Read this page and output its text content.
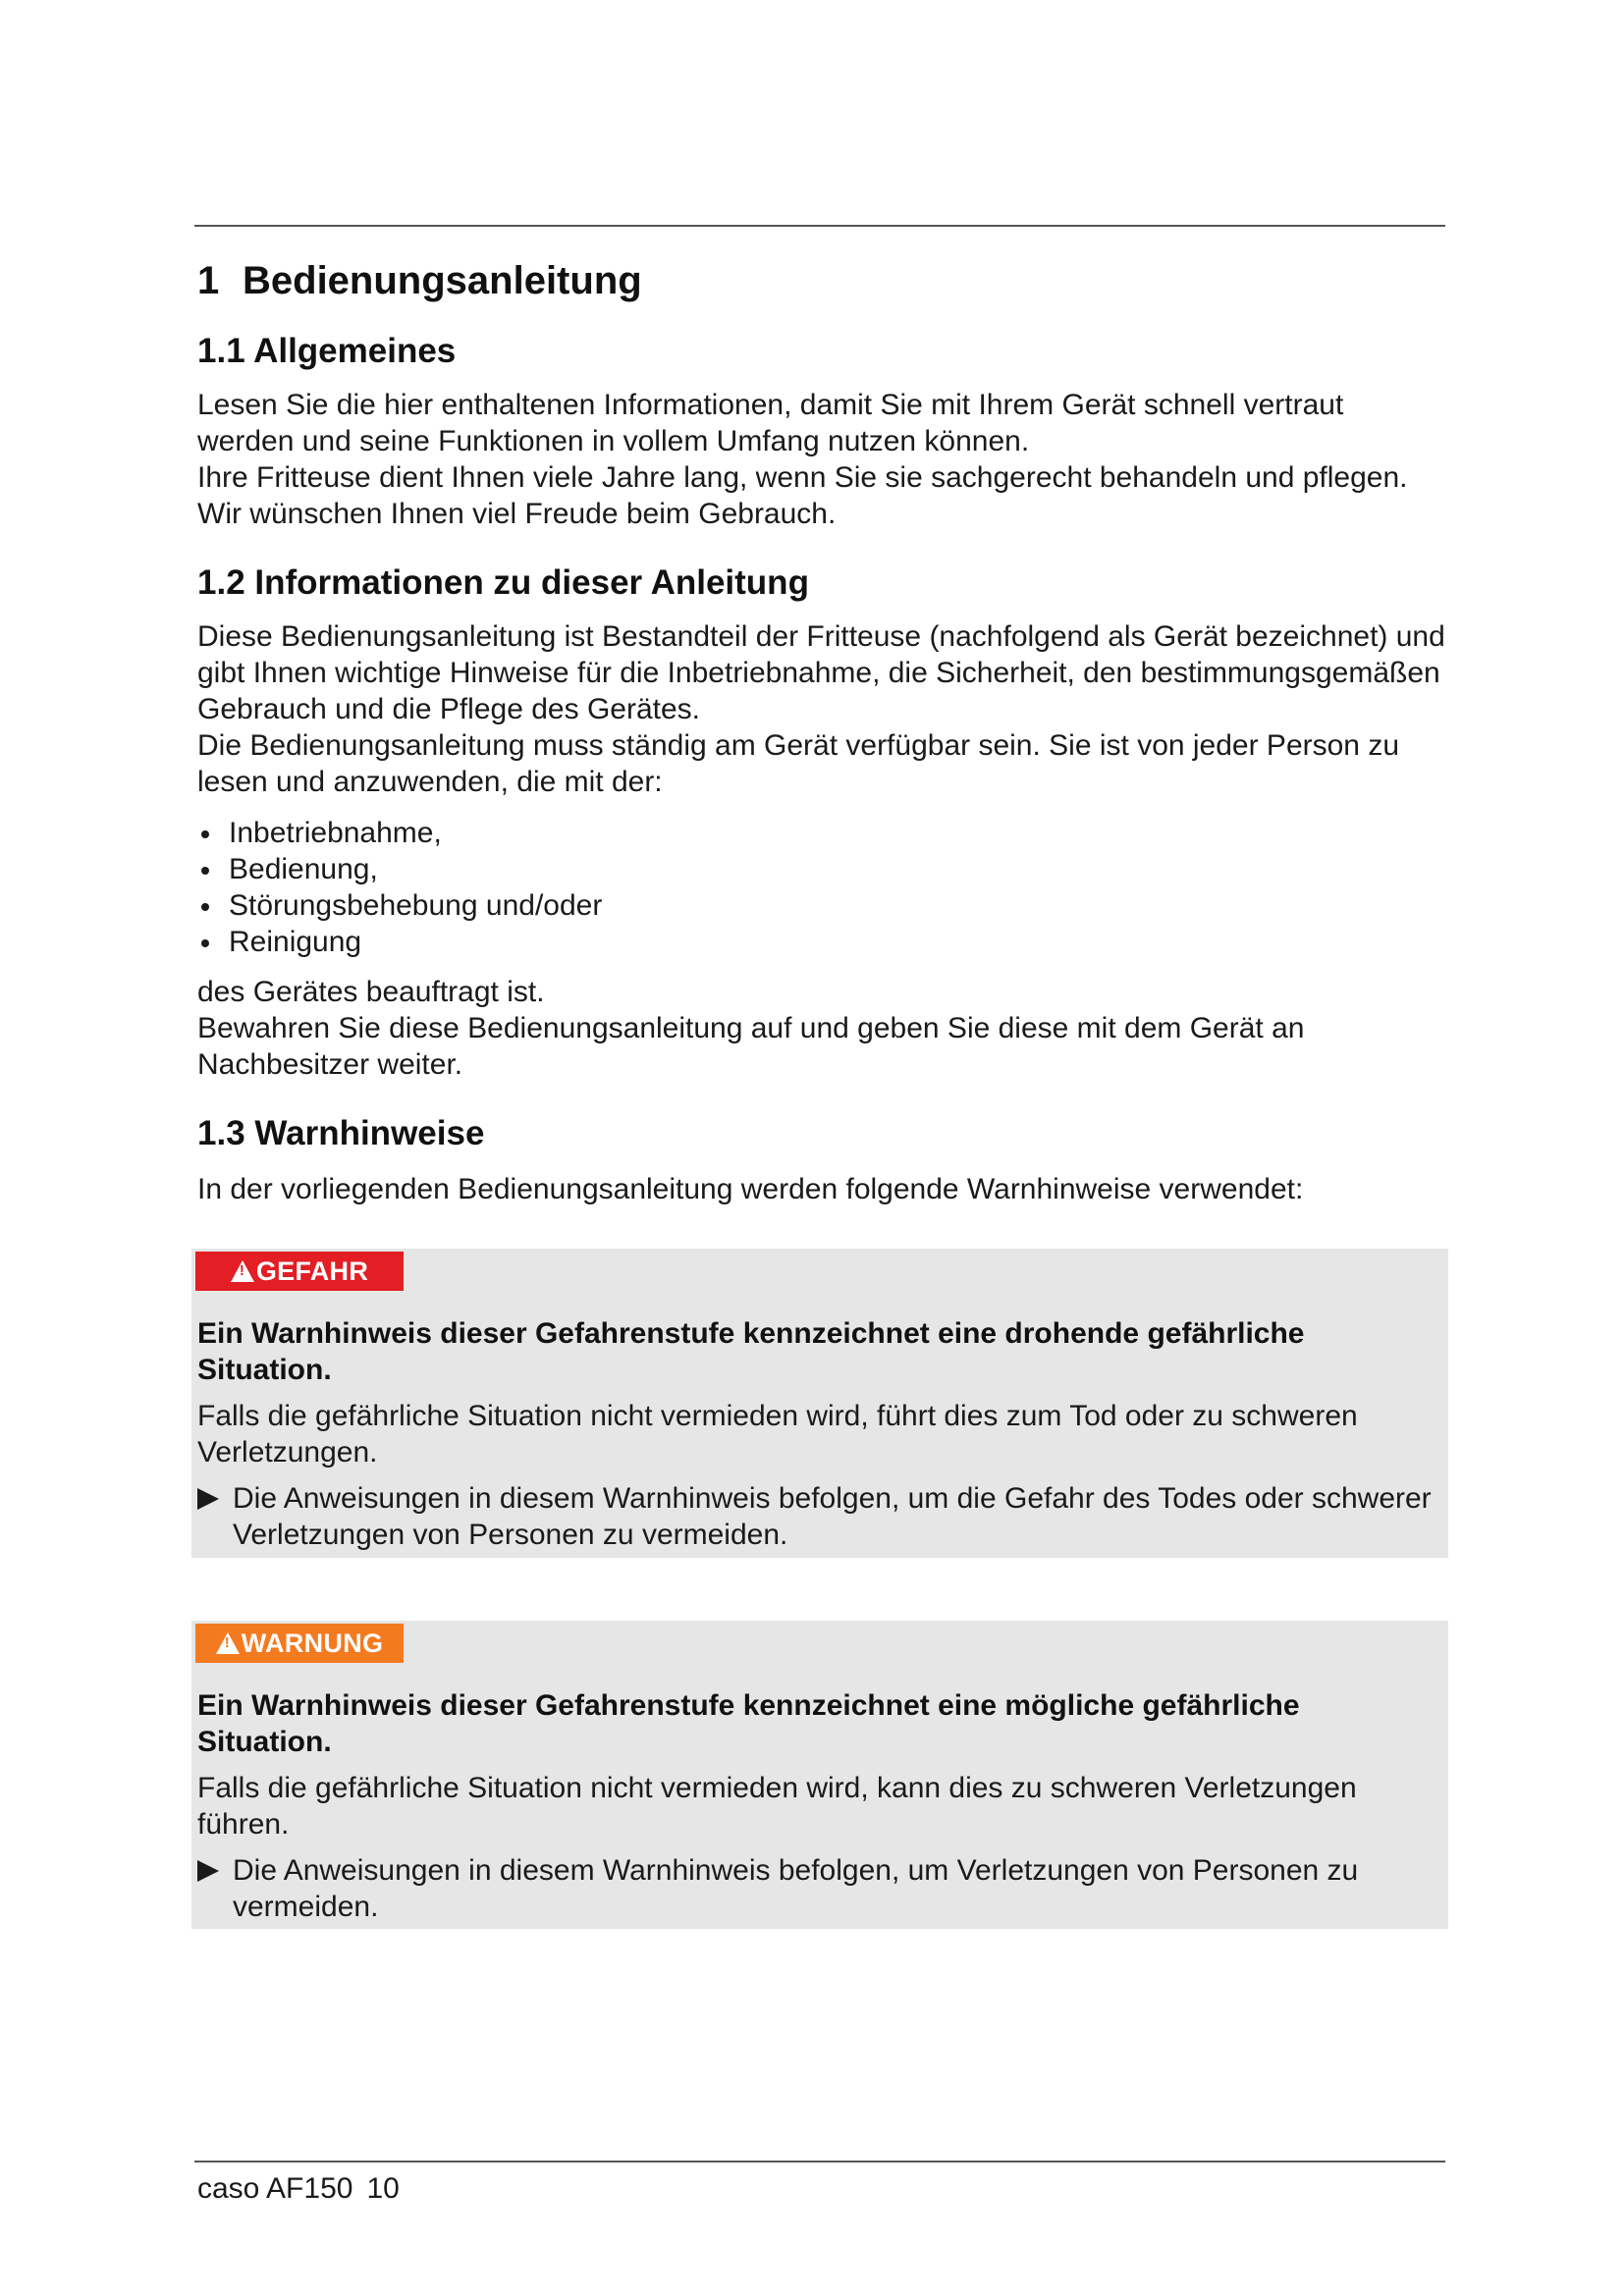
1 Bedienungsanleitung
1.1 Allgemeines

Lesen Sie die hier enthaltenen Informationen, damit Sie mit Ihrem Gerät schnell vertraut werden und seine Funktionen in vollem Umfang nutzen können.

Ihre Fritteuse dient Ihnen viele Jahre lang, wenn Sie sie sachgerecht behandeln und pflegen. Wir wünschen Ihnen viel Freude beim Gebrauch.

1.2 Informationen zu dieser Anleitung

Diese Bedienungsanleitung ist Bestandteil der Fritteuse (nachfolgend als Gerät bezeichnet) und gibt Ihnen wichtige Hinweise für die Inbetriebnahme, die Sicherheit, den bestimmungsgemäßen Gebrauch und die Pflege des Gerätes.

Die Bedienungsanleitung muss ständig am Gerät verfügbar sein. Sie ist von jeder Person zu lesen und anzuwenden, die mit der:

Inbetriebnahme,
Bedienung,
Störungsbehebung und/oder
Reinigung

des Gerätes beauftragt ist.

Bewahren Sie diese Bedienungsanleitung auf und geben Sie diese mit dem Gerät an Nachbesitzer weiter.

1.3 Warnhinweise

In der vorliegenden Bedienungsanleitung werden folgende Warnhinweise verwendet:

!GEFAHR

Ein Warnhinweis dieser Gefahrenstufe kennzeichnet eine drohende gefährliche Situation.

Falls die gefährliche Situation nicht vermieden wird, führt dies zum Tod oder zu schweren Verletzungen.

Die Anweisungen in diesem Warnhinweis befolgen, um die Gefahr des Todes oder schwerer Verletzungen von Personen zu vermeiden.

!WARNUNG

Ein Warnhinweis dieser Gefahrenstufe kennzeichnet eine mögliche gefährliche Situation.

Falls die gefährliche Situation nicht vermieden wird, kann dies zu schweren Verletzungen führen.

Die Anweisungen in diesem Warnhinweis befolgen, um Verletzungen von Personen zu vermeiden.

caso AF150 10
